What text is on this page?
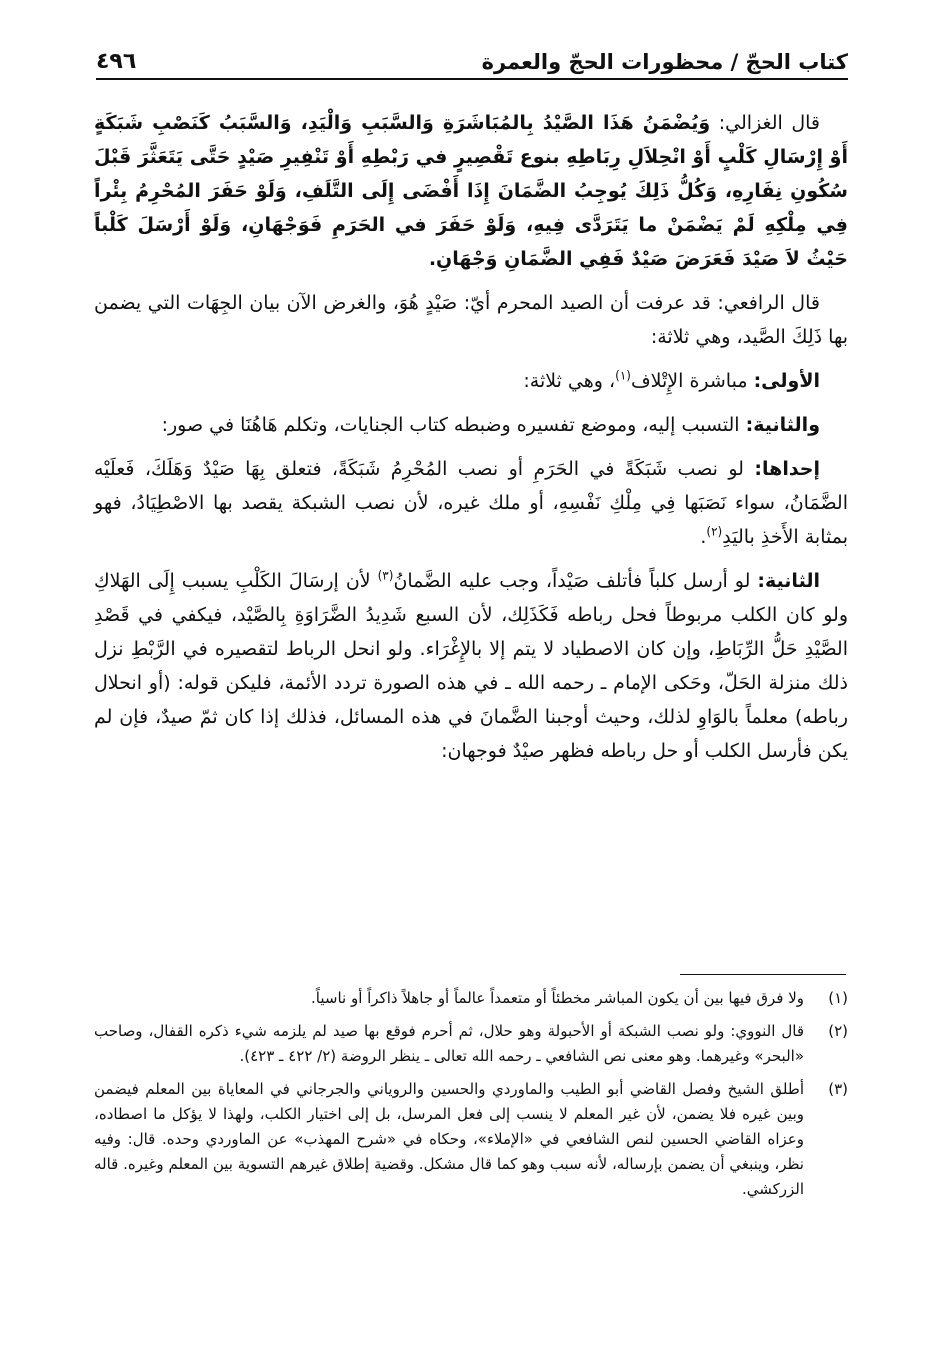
كتاب الحجّ / محظورات الحجّ والعمرة
٤٩٦

قال الغزالي: وَيُضْمَنُ هَذَا الصَّيْدُ بِالمُبَاشَرَةِ وَالسَّبَبِ وَالْيَدِ، وَالسَّبَبُ كَنَصْبِ شَبَكَةٍ أَوْ إِرْسَالِ كَلْبٍ أَوْ انْحِلاَلِ رِبَاطِهِ بنوع تَقْصِيرٍ في رَبْطِهِ أَوْ تَنْفِيرِ صَيْدٍ حَتَّى يَتَعَثَّرَ قَبْلَ سُكُونِ نِفَارِهِ، وَكُلُّ ذَلِكَ يُوجِبُ الضَّمَانَ إِذَا أَفْضَى إِلَى التَّلَفِ، وَلَوْ حَفَرَ المُحْرِمُ بِئْراً فِي مِلْكِهِ لَمْ يَضْمَنْ ما يَتَرَدَّى فِيهِ، وَلَوْ حَفَرَ في الحَرَمِ فَوَجْهَانِ، وَلَوْ أَرْسَلَ كَلْباً حَيْثُ لاَ صَيْدَ فَعَرَضَ صَيْدٌ فَفِي الضَّمَانِ وَجْهَانِ.

قال الرافعي: قد عرفت أن الصيد المحرم أيّ: صَيْدٍ هُوَ، والغرض الآن بيان الجِهَات التي يضمن بها ذَلِكَ الصَّيد، وهي ثلاثة:

الأولى: مباشرة الإِتْلاف$^{(١)}$، وهي ثلاثة:

والثانية: التسبب إليه، وموضع تفسيره وضبطه كتاب الجنايات، وتكلم هَاهُنَا في صور:

إحداها: لو نصب شَبَكَةً في الحَرَمِ أو نصب المُحْرِمُ شَبَكَةً، فتعلق بِهَا صَيْدٌ وَهَلَكَ، فَعلَيْه الضَّمَانُ، سواء نَصَبَها فِي مِلْكِ نَفْسِهِ، أو ملك غيره، لأن نصب الشبكة يقصد بها الاصْطِيَادُ، فهو بمثابة الأَخذِ باليَدِ$^{(٢)}$.

الثانية: لو أرسل كلباً فأتلف صَيْداً، وجب عليه الضَّمانُ$^{(٣)}$ لأن إرسَالَ الكَلْبِ يسبب إِلَى الهَلاكِ ولو كان الكلب مربوطاً فحل رباطه فَكَذَلِك، لأن السبع شَدِيدُ الضَّرَاوَةِ بِالصَّيْد، فيكفي في قَصْدِ الصَّيْدِ حَلُّ الرِّبَاطِ، وإن كان الاصطياد لا يتم إلا بالإِغْرَاء. ولو انحل الرباط لتقصيره في الرَّبْطِ نزل ذلك منزلة الحَلّ، وحَكى الإمام ـ رحمه الله ـ في هذه الصورة تردد الأئمة، فليكن قوله: (أو انحلال رباطه) معلماً بالوَاوِ لذلك، وحيث أوجبنا الضَّمانَ في هذه المسائل، فذلك إذا كان ثمّ صيدٌ، فإن لم يكن فأرسل الكلب أو حل رباطه فظهر صيْدٌ فوجهان:

(١)
ولا فرق فيها بين أن يكون المباشر مخطئاً أو متعمداً عالماً أو جاهلاً ذاكراً أو ناسياً.
(٢)
قال النووي: ولو نصب الشبكة أو الأحبولة وهو حلال، ثم أحرم فوقع بها صيد لم يلزمه شيء ذكره القفال، وصاحب «البحر» وغيرهما. وهو معنى نص الشافعي ـ رحمه الله تعالى ـ ينظر الروضة (٢/ ٤٢٢ ـ ٤٢٣).
(٣)
أطلق الشيخ وفصل القاضي أبو الطيب والماوردي والحسين والروياني والجرجاني في المعاياة بين المعلم فيضمن وبين غيره فلا يضمن، لأن غير المعلم لا ينسب إلى فعل المرسل، بل إلى اختيار الكلب، ولهذا لا يؤكل ما اصطاده، وعزاه القاضي الحسين لنص الشافعي في «الإملاء»، وحكاه في «شرح المهذب» عن الماوردي وحده. قال: وفيه نظر، وينبغي أن يضمن بإرساله، لأنه سبب وهو كما قال مشكل. وقضية إطلاق غيرهم التسوية بين المعلم وغيره. قاله الزركشي.
